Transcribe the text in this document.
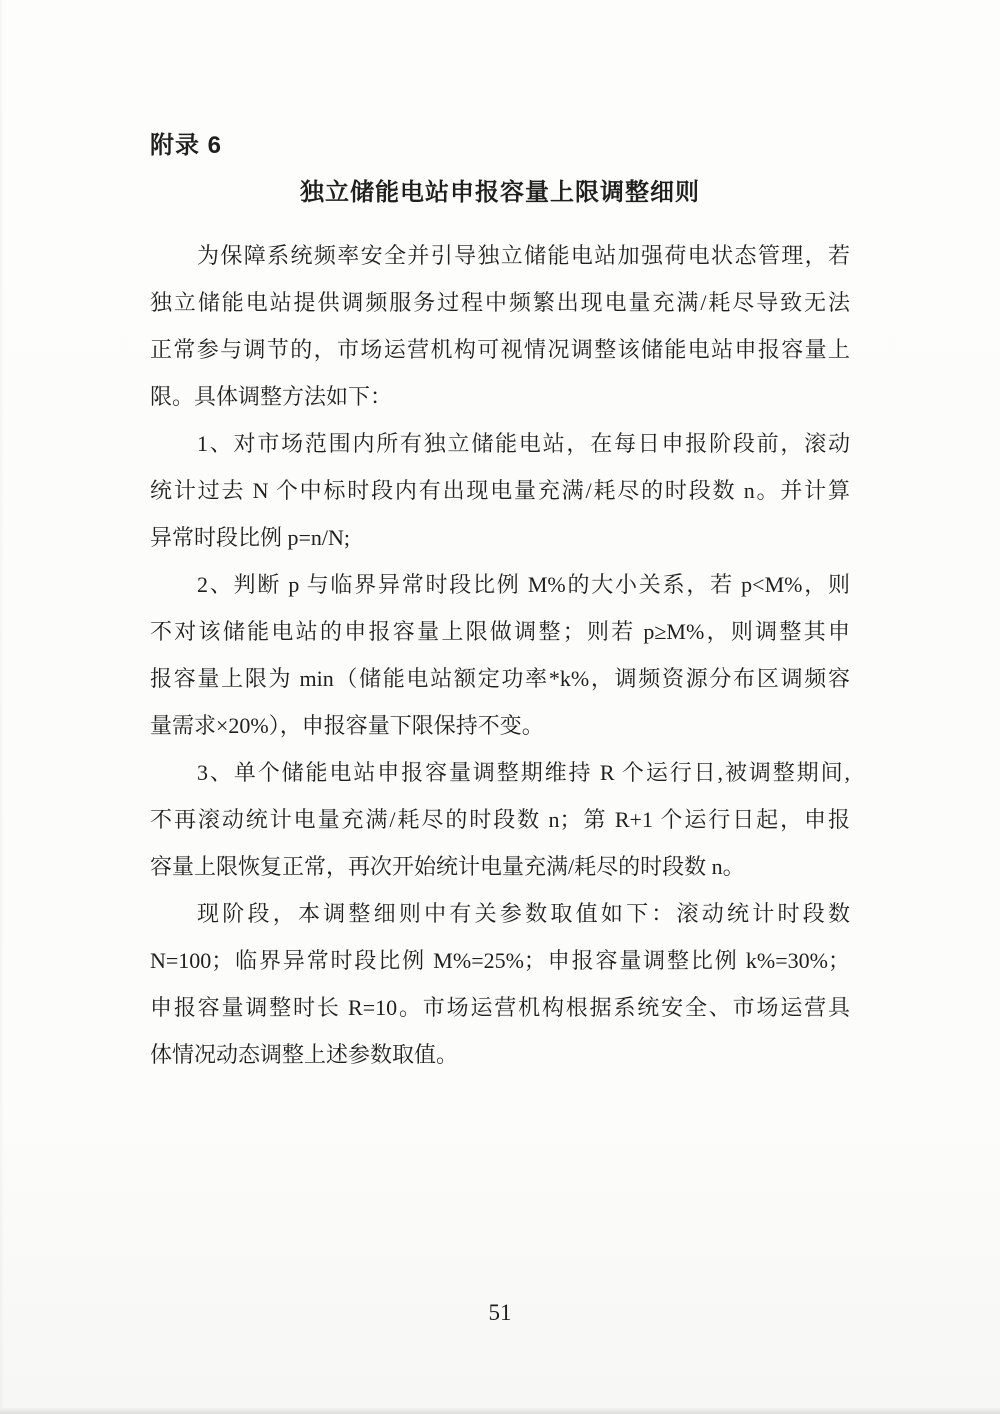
附录 6
独立储能电站申报容量上限调整细则
为保障系统频率安全并引导独立储能电站加强荷电状态管理，若
独立储能电站提供调频服务过程中频繁出现电量充满/耗尽导致无法
正常参与调节的，市场运营机构可视情况调整该储能电站申报容量上
限。具体调整方法如下：
1、对市场范围内所有独立储能电站，在每日申报阶段前，滚动
统计过去 N 个中标时段内有出现电量充满/耗尽的时段数 n。并计算
异常时段比例 p=n/N;
2、判断 p 与临界异常时段比例 M%的大小关系，若 p<M%，则
不对该储能电站的申报容量上限做调整；则若 p≥M%，则调整其申
报容量上限为 min（储能电站额定功率*k%，调频资源分布区调频容
量需求×20%），申报容量下限保持不变。
3、单个储能电站申报容量调整期维持 R 个运行日,被调整期间,
不再滚动统计电量充满/耗尽的时段数 n；第 R+1 个运行日起，申报
容量上限恢复正常，再次开始统计电量充满/耗尽的时段数 n。
现阶段，本调整细则中有关参数取值如下：滚动统计时段数
N=100；临界异常时段比例 M%=25%；申报容量调整比例 k%=30%；
申报容量调整时长 R=10。市场运营机构根据系统安全、市场运营具
体情况动态调整上述参数取值。
51
